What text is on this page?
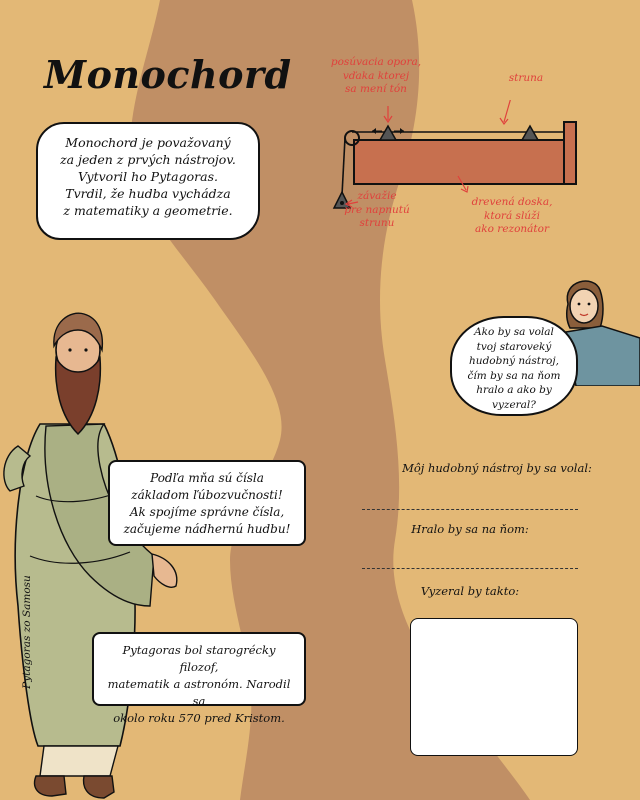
Monochord
Monochord je považovaný
za jeden z prvých nástrojov.
Vytvoril ho Pytagoras.
Tvrdil, že hudba vychádza
z matematiky a geometrie.
posúvacia opora,
vďaka ktorej
sa mení tón
struna
závažie
pre napnutú
strunu
drevená doska,
ktorá slúži
ako rezonátor
Ako by sa volal
tvoj staroveký
hudobný nástroj,
čím by sa na ňom
hralo a ako by
vyzeral?
Podľa mňa sú čísla
základom ľúbozvučnosti!
Ak spojíme správne čísla,
začujeme nádhernú hudbu!
Pytagoras bol starogrécky filozof,
matematik a astronóm. Narodil sa
okolo roku 570 pred Kristom.
Pytagoras zo Samosu
Môj hudobný nástroj by sa volal:
Hralo by sa na ňom:
Vyzeral by takto:
